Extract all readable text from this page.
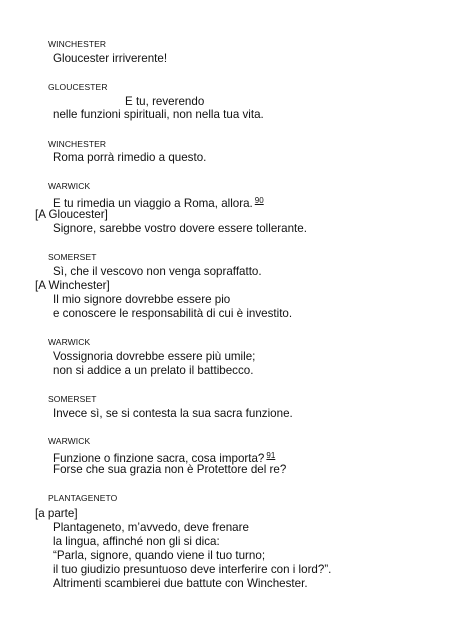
WINCHESTER
Gloucester irriverente!
GLOUCESTER
E tu, reverendo
nelle funzioni spirituali, non nella tua vita.
WINCHESTER
Roma porrà rimedio a questo.
WARWICK
E tu rimedia un viaggio a Roma, allora. $^{90}$
[A Gloucester]
Signore, sarebbe vostro dovere essere tollerante.
SOMERSET
Sì, che il vescovo non venga sopraffatto.
[A Winchester]
Il mio signore dovrebbe essere pio
e conoscere le responsabilità di cui è investito.
WARWICK
Vossignoria dovrebbe essere più umile;
non si addice a un prelato il battibecco.
SOMERSET
Invece sì, se si contesta la sua sacra funzione.
WARWICK
Funzione o finzione sacra, cosa importa? $^{91}$
Forse che sua grazia non è Protettore del re?
PLANTAGENETO
[a parte]
Plantageneto, m’avvedo, deve frenare
la lingua, affinché non gli si dica:
“Parla, signore, quando viene il tuo turno;
il tuo giudizio presuntuoso deve interferire con i lord?”.
Altrimenti scambierei due battute con Winchester.
